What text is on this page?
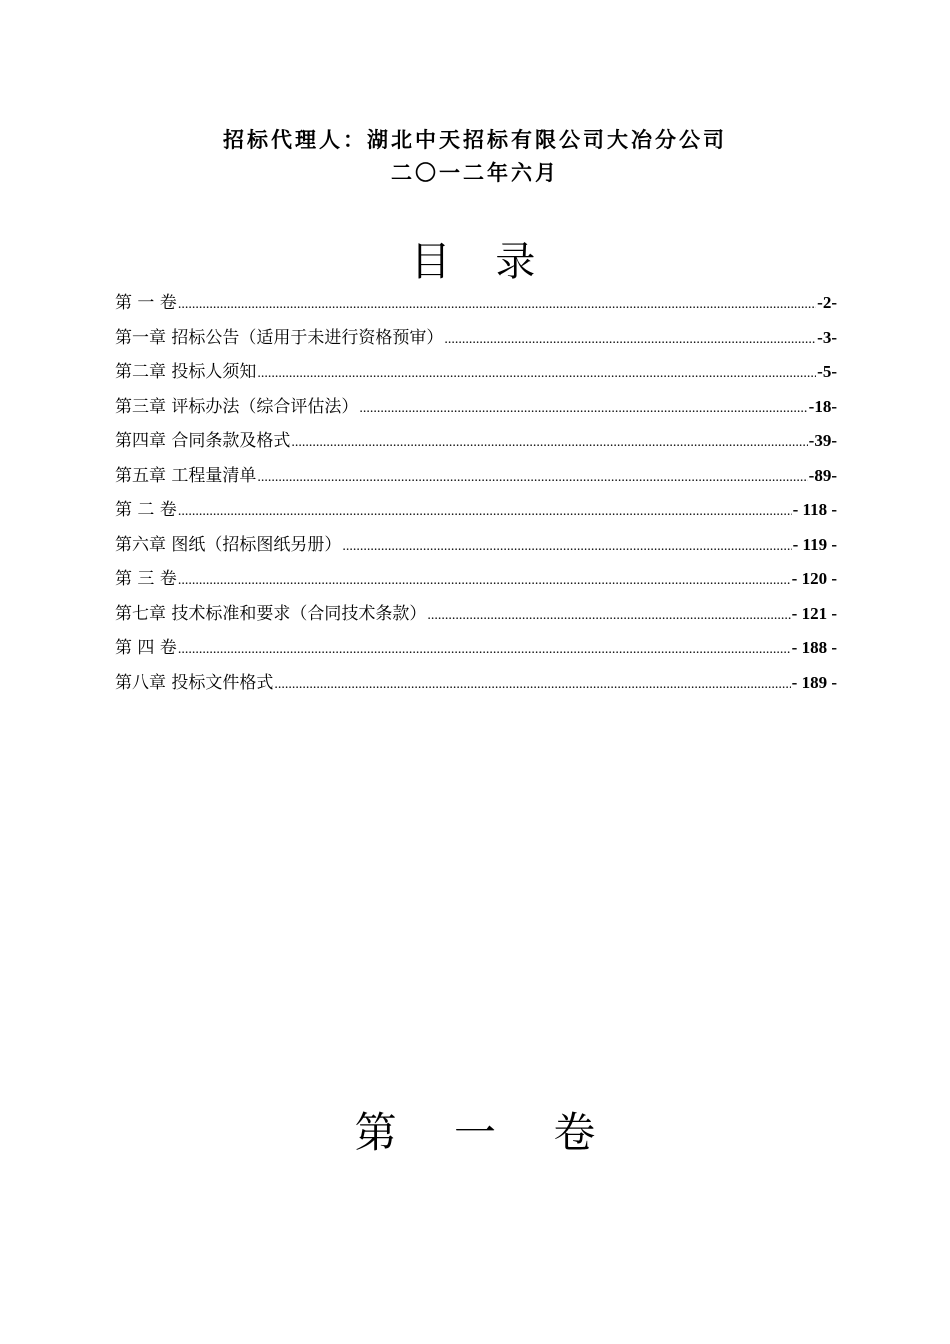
招标代理人：湖北中天招标有限公司大冶分公司
二〇一二年六月
目 录
第 一 卷 .....	-2-
第一章 招标公告（适用于未进行资格预审） .....	-3-
第二章 投标人须知 .....	-5-
第三章 评标办法（综合评估法） .....	-18-
第四章 合同条款及格式 .....	-39-
第五章 工程量清单 .....	-89-
第 二 卷 .....	- 118 -
第六章 图纸（招标图纸另册） .....	- 119 -
第 三 卷 .....	- 120 -
第七章 技术标准和要求（合同技术条款） .....	- 121 -
第 四 卷 .....	- 188 -
第八章 投标文件格式 .....	- 189 -
第 一 卷
